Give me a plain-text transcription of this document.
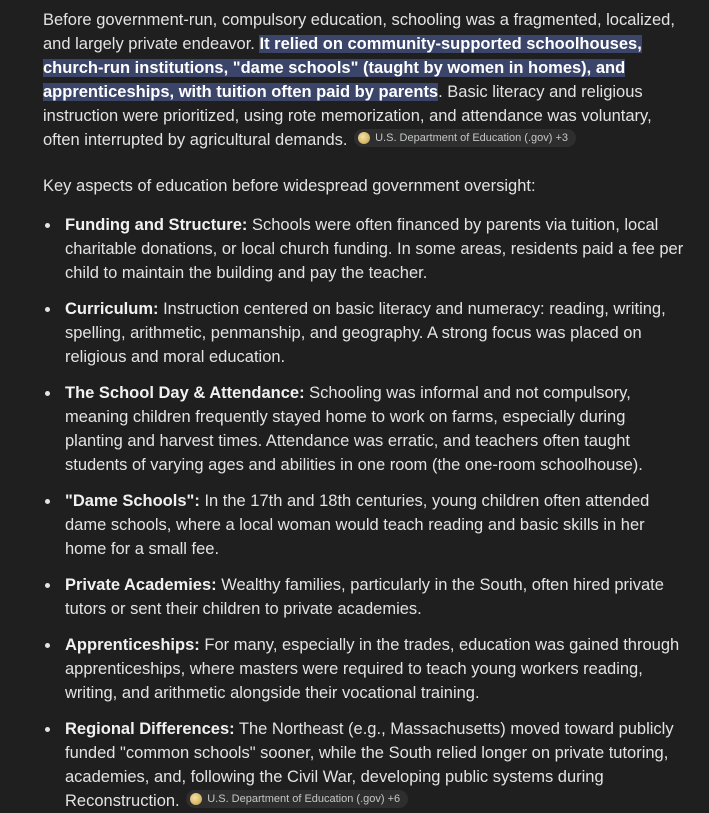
Before government-run, compulsory education, schooling was a fragmented, localized, and largely private endeavor. It relied on community-supported schoolhouses, church-run institutions, "dame schools" (taught by women in homes), and apprenticeships, with tuition often paid by parents. Basic literacy and religious instruction were prioritized, using rote memorization, and attendance was voluntary, often interrupted by agricultural demands.	U.S. Department of Education (.gov) +3

Key aspects of education before widespread government oversight:

Funding and Structure: Schools were often financed by parents via tuition, local charitable donations, or local church funding. In some areas, residents paid a fee per child to maintain the building and pay the teacher.
Curriculum: Instruction centered on basic literacy and numeracy: reading, writing, spelling, arithmetic, penmanship, and geography. A strong focus was placed on religious and moral education.
The School Day & Attendance: Schooling was informal and not compulsory, meaning children frequently stayed home to work on farms, especially during planting and harvest times. Attendance was erratic, and teachers often taught students of varying ages and abilities in one room (the one-room schoolhouse).
"Dame Schools": In the 17th and 18th centuries, young children often attended dame schools, where a local woman would teach reading and basic skills in her home for a small fee.
Private Academies: Wealthy families, particularly in the South, often hired private tutors or sent their children to private academies.
Apprenticeships: For many, especially in the trades, education was gained through apprenticeships, where masters were required to teach young workers reading, writing, and arithmetic alongside their vocational training.
Regional Differences: The Northeast (e.g., Massachusetts) moved toward publicly funded "common schools" sooner, while the South relied longer on private tutoring, academies, and, following the Civil War, developing public systems during Reconstruction.	U.S. Department of Education (.gov) +6
